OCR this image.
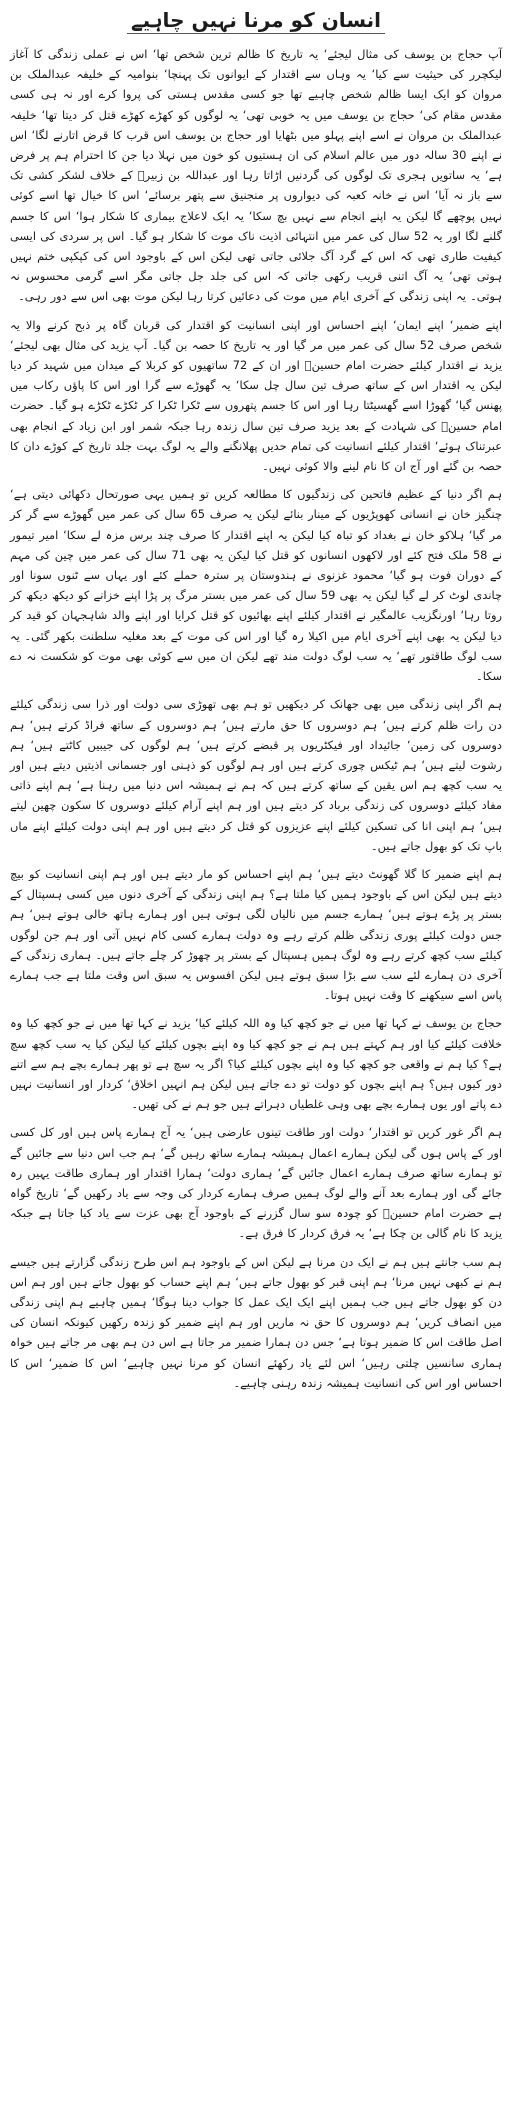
انسان کو مرنا نہیں چاہیے

آپ حجاج بن یوسف کی مثال لیجئے‘ یہ تاریخ کا ظالم ترین شخص تھا‘ اس نے عملی زندگی کا آغاز لیکچرر کی حیثیت سے کیا‘ یہ وہاں سے اقتدار کے ایوانوں تک پہنچا‘ بنوامیہ کے خلیفہ عبدالملک بن مروان کو ایک ایسا ظالم شخص چاہیے تھا جو کسی مقدس ہستی کی پروا کرے اور نہ ہی کسی مقدس مقام کی‘ حجاج بن یوسف میں یہ خوبی تھی‘ یہ لوگوں کو کھڑے کھڑے قتل کر دیتا تھا‘ خلیفہ عبدالملک بن مروان نے اسے اپنے پہلو میں بٹھایا اور حجاج بن یوسف اس قرب کا قرض اتارنے لگا‘ اس نے اپنے 30 سالہ دور میں عالم اسلام کی ان ہستیوں کو خون میں نہلا دیا جن کا احترام ہم پر فرض ہے‘ یہ ساتویں ہجری تک لوگوں کی گردنیں اڑاتا رہا اور عبداللہ بن زبیرؓ کے خلاف لشکر کشی تک سے باز نہ آیا‘ اس نے خانہ کعبہ کی دیواروں پر منجنیق سے پتھر برسائے‘ اس کا خیال تھا اسے کوئی نہیں پوچھے گا لیکن یہ اپنے انجام سے نہیں بچ سکا‘ یہ ایک لاعلاج بیماری کا شکار ہوا‘ اس کا جسم گلنے لگا اور یہ 52 سال کی عمر میں انتہائی اذیت ناک موت کا شکار ہو گیا۔ اس پر سردی کی ایسی کیفیت طاری تھی کہ اس کے گرد آگ جلائی جاتی تھی لیکن اس کے باوجود اس کی کپکپی ختم نہیں ہوتی تھی‘ یہ آگ اتنی قریب رکھی جاتی کہ اس کی جلد جل جاتی مگر اسے گرمی محسوس نہ ہوتی۔ یہ اپنی زندگی کے آخری ایام میں موت کی دعائیں کرتا رہا لیکن موت بھی اس سے دور رہی۔

اپنے ضمیر‘ اپنے ایمان‘ اپنے احساس اور اپنی انسانیت کو اقتدار کی قربان گاہ پر ذبح کرنے والا یہ شخص صرف 52 سال کی عمر میں مر گیا اور یہ تاریخ کا حصہ بن گیا۔ آپ یزید کی مثال بھی لیجئے‘ یزید نے اقتدار کیلئے حضرت امام حسینؓ اور ان کے 72 ساتھیوں کو کربلا کے میدان میں شہید کر دیا لیکن یہ اقتدار اس کے ساتھ صرف تین سال چل سکا‘ یہ گھوڑے سے گرا اور اس کا پاؤں رکاب میں پھنس گیا‘ گھوڑا اسے گھسیٹتا رہا اور اس کا جسم پتھروں سے ٹکرا ٹکرا کر ٹکڑے ٹکڑے ہو گیا۔ حضرت امام حسینؓ کی شہادت کے بعد یزید صرف تین سال زندہ رہا جبکہ شمر اور ابن زیاد کے انجام بھی عبرتناک ہوئے‘ اقتدار کیلئے انسانیت کی تمام حدیں پھلانگنے والے یہ لوگ بہت جلد تاریخ کے کوڑے دان کا حصہ بن گئے اور آج ان کا نام لینے والا کوئی نہیں۔

ہم اگر دنیا کے عظیم فاتحین کی زندگیوں کا مطالعہ کریں تو ہمیں یہی صورتحال دکھائی دیتی ہے‘ چنگیز خان نے انسانی کھوپڑیوں کے مینار بنائے لیکن یہ صرف 65 سال کی عمر میں گھوڑے سے گر کر مر گیا‘ ہلاکو خان نے بغداد کو تباہ کیا لیکن یہ اپنے اقتدار کا صرف چند برس مزہ لے سکا‘ امیر تیمور نے 58 ملک فتح کئے اور لاکھوں انسانوں کو قتل کیا لیکن یہ بھی 71 سال کی عمر میں چین کی مہم کے دوران فوت ہو گیا‘ محمود غزنوی نے ہندوستان پر سترہ حملے کئے اور یہاں سے ٹنوں سونا اور چاندی لوٹ کر لے گیا لیکن یہ بھی 59 سال کی عمر میں بستر مرگ پر پڑا اپنے خزانے کو دیکھ دیکھ کر روتا رہا‘ اورنگزیب عالمگیر نے اقتدار کیلئے اپنے بھائیوں کو قتل کرایا اور اپنے والد شاہجہان کو قید کر دیا لیکن یہ بھی اپنے آخری ایام میں اکیلا رہ گیا اور اس کی موت کے بعد مغلیہ سلطنت بکھر گئی۔ یہ سب لوگ طاقتور تھے‘ یہ سب لوگ دولت مند تھے لیکن ان میں سے کوئی بھی موت کو شکست نہ دے سکا۔

ہم اگر اپنی زندگی میں بھی جھانک کر دیکھیں تو ہم بھی تھوڑی سی دولت اور ذرا سی زندگی کیلئے دن رات ظلم کرتے ہیں‘ ہم دوسروں کا حق مارتے ہیں‘ ہم دوسروں کے ساتھ فراڈ کرتے ہیں‘ ہم دوسروں کی زمین‘ جائیداد اور فیکٹریوں پر قبضے کرتے ہیں‘ ہم لوگوں کی جیبیں کاٹتے ہیں‘ ہم رشوت لیتے ہیں‘ ہم ٹیکس چوری کرتے ہیں اور ہم لوگوں کو ذہنی اور جسمانی اذیتیں دیتے ہیں اور یہ سب کچھ ہم اس یقین کے ساتھ کرتے ہیں کہ ہم نے ہمیشہ اس دنیا میں رہنا ہے‘ ہم اپنے ذاتی مفاد کیلئے دوسروں کی زندگی برباد کر دیتے ہیں اور ہم اپنے آرام کیلئے دوسروں کا سکون چھین لیتے ہیں‘ ہم اپنی انا کی تسکین کیلئے اپنے عزیزوں کو قتل کر دیتے ہیں اور ہم اپنی دولت کیلئے اپنے ماں باپ تک کو بھول جاتے ہیں۔

ہم اپنے ضمیر کا گلا گھونٹ دیتے ہیں‘ ہم اپنے احساس کو مار دیتے ہیں اور ہم اپنی انسانیت کو بیچ دیتے ہیں لیکن اس کے باوجود ہمیں کیا ملتا ہے؟ ہم اپنی زندگی کے آخری دنوں میں کسی ہسپتال کے بستر پر پڑے ہوتے ہیں‘ ہمارے جسم میں نالیاں لگی ہوتی ہیں اور ہمارے ہاتھ خالی ہوتے ہیں‘ ہم جس دولت کیلئے پوری زندگی ظلم کرتے رہے وہ دولت ہمارے کسی کام نہیں آتی اور ہم جن لوگوں کیلئے سب کچھ کرتے رہے وہ لوگ ہمیں ہسپتال کے بستر پر چھوڑ کر چلے جاتے ہیں۔ ہماری زندگی کے آخری دن ہمارے لئے سب سے بڑا سبق ہوتے ہیں لیکن افسوس یہ سبق اس وقت ملتا ہے جب ہمارے پاس اسے سیکھنے کا وقت نہیں ہوتا۔

حجاج بن یوسف نے کہا تھا میں نے جو کچھ کیا وہ اللہ کیلئے کیا‘ یزید نے کہا تھا میں نے جو کچھ کیا وہ خلافت کیلئے کیا اور ہم کہتے ہیں ہم نے جو کچھ کیا وہ اپنے بچوں کیلئے کیا لیکن کیا یہ سب کچھ سچ ہے؟ کیا ہم نے واقعی جو کچھ کیا وہ اپنے بچوں کیلئے کیا؟ اگر یہ سچ ہے تو پھر ہمارے بچے ہم سے اتنے دور کیوں ہیں؟ ہم اپنے بچوں کو دولت تو دے جاتے ہیں لیکن ہم انہیں اخلاق‘ کردار اور انسانیت نہیں دے پاتے اور یوں ہمارے بچے بھی وہی غلطیاں دہراتے ہیں جو ہم نے کی تھیں۔

ہم اگر غور کریں تو اقتدار‘ دولت اور طاقت تینوں عارضی ہیں‘ یہ آج ہمارے پاس ہیں اور کل کسی اور کے پاس ہوں گی لیکن ہمارے اعمال ہمیشہ ہمارے ساتھ رہیں گے‘ ہم جب اس دنیا سے جائیں گے تو ہمارے ساتھ صرف ہمارے اعمال جائیں گے‘ ہماری دولت‘ ہمارا اقتدار اور ہماری طاقت یہیں رہ جائے گی اور ہمارے بعد آنے والے لوگ ہمیں صرف ہمارے کردار کی وجہ سے یاد رکھیں گے‘ تاریخ گواہ ہے حضرت امام حسینؓ کو چودہ سو سال گزرنے کے باوجود آج بھی عزت سے یاد کیا جاتا ہے جبکہ یزید کا نام گالی بن چکا ہے‘ یہ فرق کردار کا فرق ہے۔

ہم سب جانتے ہیں ہم نے ایک دن مرنا ہے لیکن اس کے باوجود ہم اس طرح زندگی گزارتے ہیں جیسے ہم نے کبھی نہیں مرنا‘ ہم اپنی قبر کو بھول جاتے ہیں‘ ہم اپنے حساب کو بھول جاتے ہیں اور ہم اس دن کو بھول جاتے ہیں جب ہمیں اپنے ایک ایک عمل کا جواب دینا ہوگا‘ ہمیں چاہیے ہم اپنی زندگی میں انصاف کریں‘ ہم دوسروں کا حق نہ ماریں اور ہم اپنے ضمیر کو زندہ رکھیں کیونکہ انسان کی اصل طاقت اس کا ضمیر ہوتا ہے‘ جس دن ہمارا ضمیر مر جاتا ہے اس دن ہم بھی مر جاتے ہیں خواہ ہماری سانسیں چلتی رہیں‘ اس لئے یاد رکھئے انسان کو مرنا نہیں چاہیے‘ اس کا ضمیر‘ اس کا احساس اور اس کی انسانیت ہمیشہ زندہ رہنی چاہیے۔
